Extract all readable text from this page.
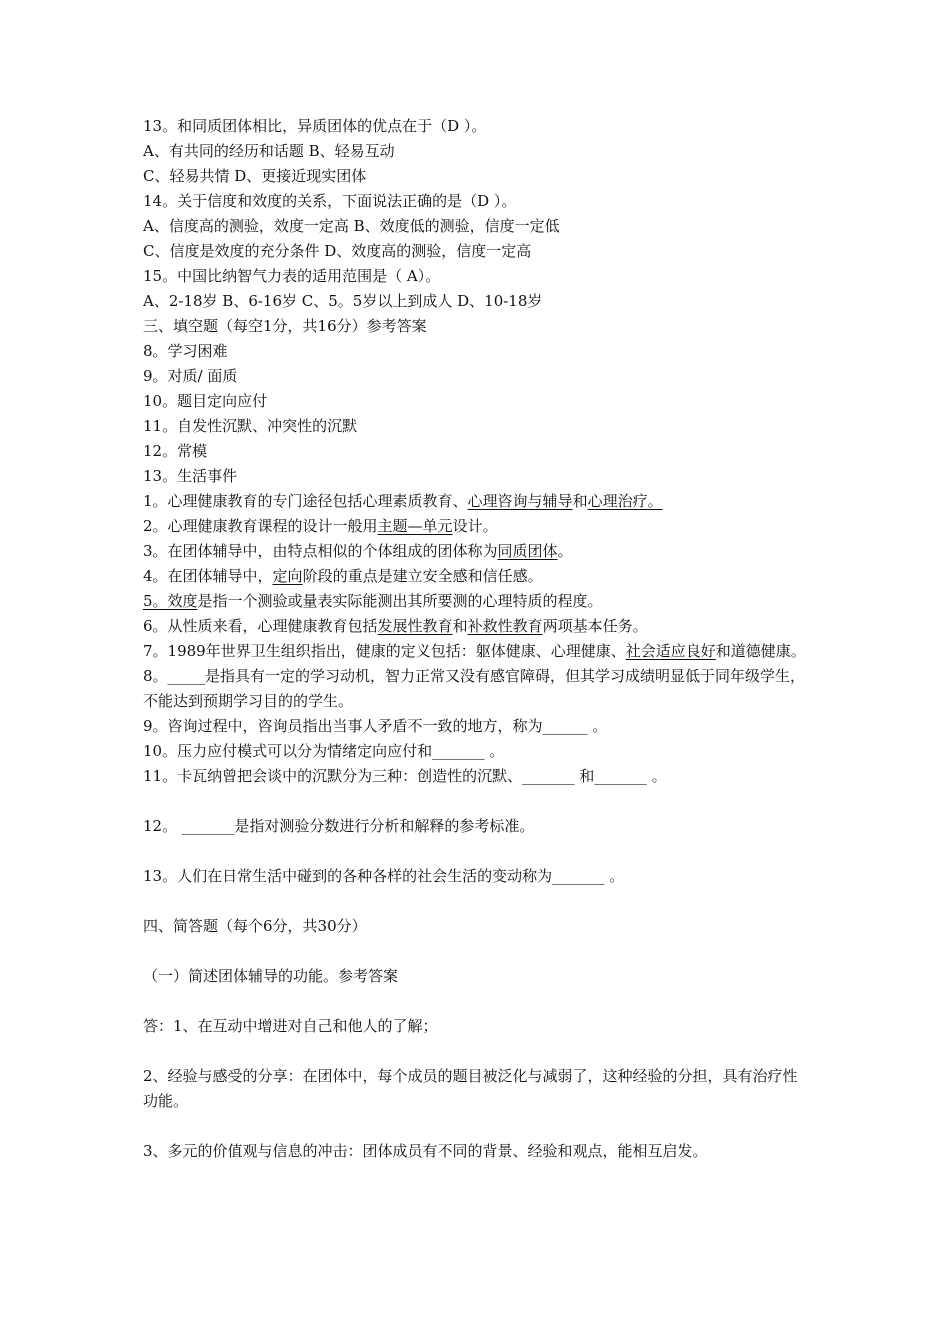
13。和同质团体相比，异质团体的优点在于（D ）。
A、有共同的经历和话题 B、轻易互动
C、轻易共情 D、更接近现实团体
14。关于信度和效度的关系，下面说法正确的是（D ）。
A、信度高的测验，效度一定高 B、效度低的测验，信度一定低
C、信度是效度的充分条件 D、效度高的测验，信度一定高
15。中国比纳智气力表的适用范围是（ A）。
A、2-18岁 B、6-16岁 C、5。5岁以上到成人 D、10-18岁
三、填空题（每空1分，共16分）参考答案
8。学习困难
9。对质/ 面质
10。题目定向应付
11。自发性沉默、冲突性的沉默
12。常模
13。生活事件
1。心理健康教育的专门途径包括心理素质教育、心理咨询与辅导和心理治疗。
2。心理健康教育课程的设计一般用主题—单元设计。
3。在团体辅导中，由特点相似的个体组成的团体称为同质团体。
4。在团体辅导中，定向阶段的重点是建立安全感和信任感。
5。效度是指一个测验或量表实际能测出其所要测的心理特质的程度。
6。从性质来看，心理健康教育包括发展性教育和补救性教育两项基本任务。
7。1989年世界卫生组织指出，健康的定义包括：躯体健康、心理健康、社会适应良好和道德健康。
8。_____是指具有一定的学习动机，智力正常又没有感官障碍，但其学习成绩明显低于同年级学生，不能达到预期学习目的的学生。
9。咨询过程中，咨询员指出当事人矛盾不一致的地方，称为______ 。
10。压力应付模式可以分为情绪定向应付和_______ 。
11。卡瓦纳曾把会谈中的沉默分为三种：创造性的沉默、_______ 和_______ 。
12。 _______是指对测验分数进行分析和解释的参考标准。
13。人们在日常生活中碰到的各种各样的社会生活的变动称为_______ 。
四、简答题（每个6分，共30分）
（一）简述团体辅导的功能。参考答案
答：1、在互动中增进对自己和他人的了解；
2、经验与感受的分享：在团体中，每个成员的题目被泛化与减弱了，这种经验的分担，具有治疗性功能。
3、多元的价值观与信息的冲击：团体成员有不同的背景、经验和观点，能相互启发。
